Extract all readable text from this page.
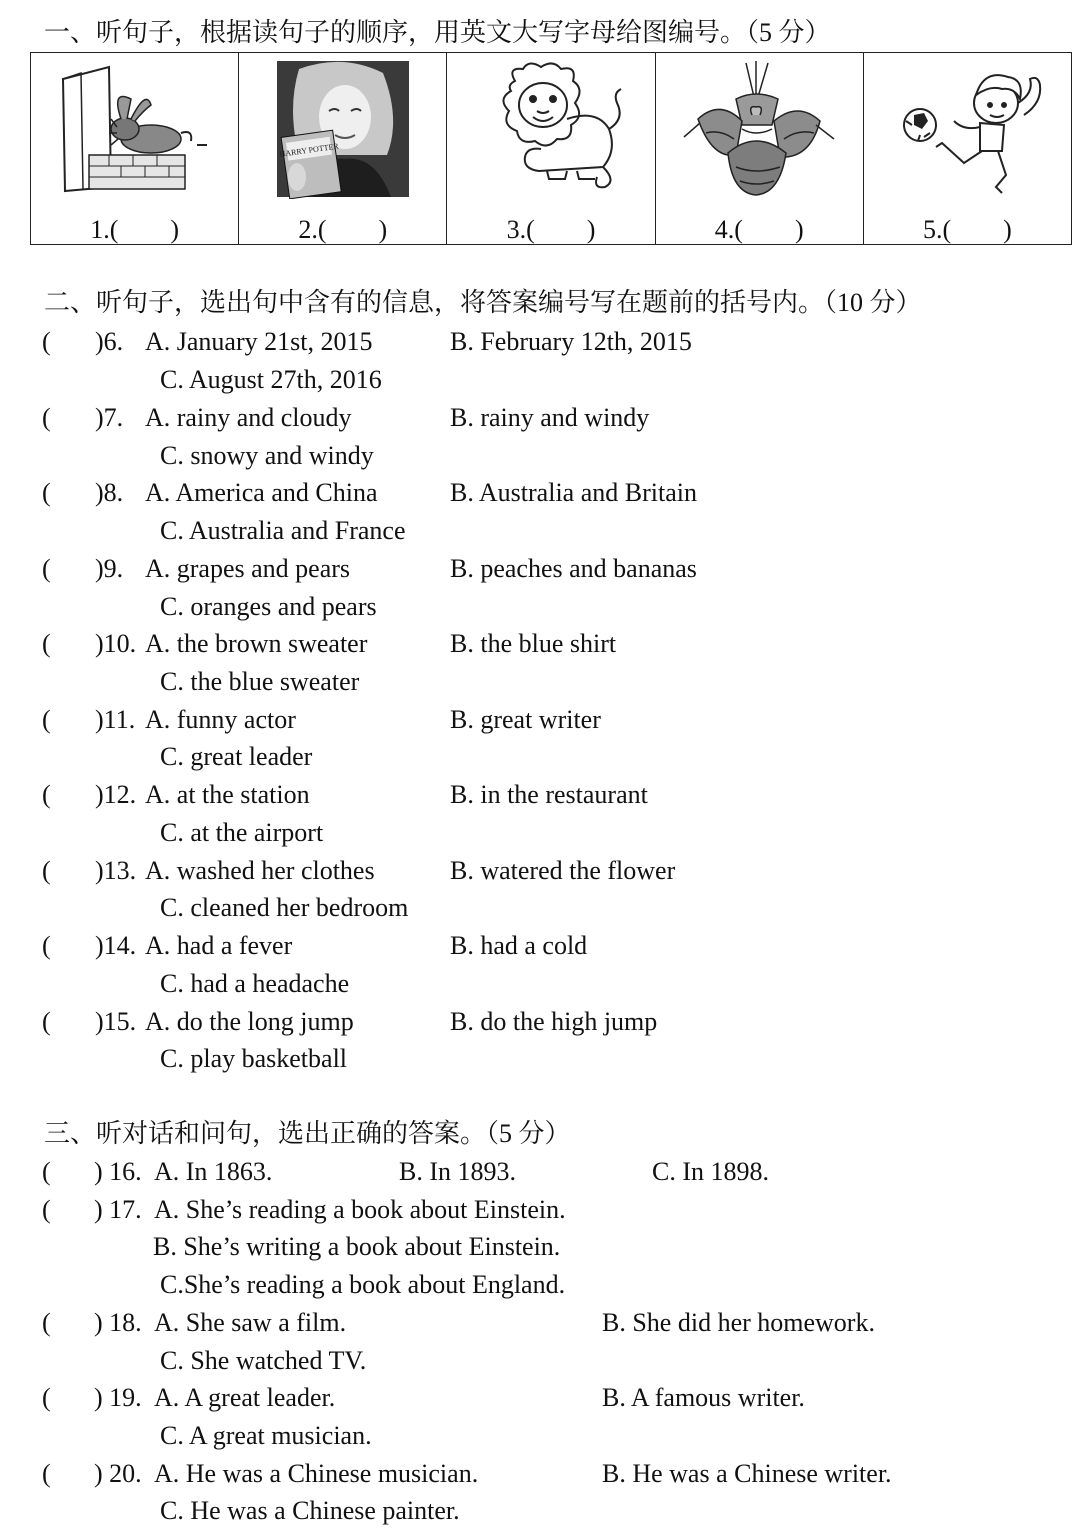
一、听句子，根据读句子的顺序，用英文大写字母给图编号。（5 分）
1.(　　)
HARRY POTTER
2.(　　)	3.(　　)	4.(　　)	5.(　　)
二、听句子，选出句中含有的信息，将答案编号写在题前的括号内。（10 分）
( )6. A. January 21st, 2015	B. February 12th, 2015
C. August 27th, 2016
( )7. A. rainy and cloudy	B. rainy and windy
C. snowy and windy
( )8. A. America and China	B. Australia and Britain
C. Australia and France
( )9. A. grapes and pears	B. peaches and bananas
C. oranges and pears
( )10. A. the brown sweater	B. the blue shirt
C. the blue sweater
( )11. A. funny actor	B. great writer
C. great leader
( )12. A. at the station	B. in the restaurant
C. at the airport
( )13. A. washed her clothes	B. watered the flower
C. cleaned her bedroom
( )14. A. had a fever	B. had a cold
C. had a headache
( )15. A. do the long jump	B. do the high jump
C. play basketball
三、听对话和问句，选出正确的答案。（5 分）
( ) 16. A. In 1863.	B. In 1893.	C. In 1898.
( ) 17. A. She’s reading a book about Einstein.
B. She’s writing a book about Einstein.
C.She’s reading a book about England.
( ) 18. A. She saw a film.	B. She did her homework.
C. She watched TV.
( ) 19. A. A great leader.	B. A famous writer.
C. A great musician.
( ) 20. A. He was a Chinese musician.	B. He was a Chinese writer.
C. He was a Chinese painter.
